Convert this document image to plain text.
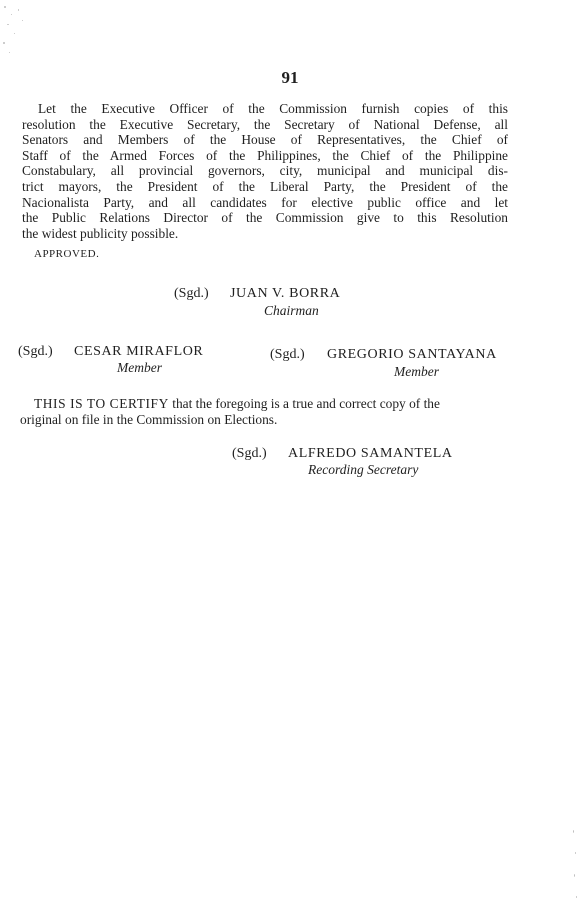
91
Let the Executive Officer of the Commission furnish copies of this
resolution the Executive Secretary, the Secretary of National Defense, all
Senators and Members of the House of Representatives, the Chief of
Staff of the Armed Forces of the Philippines, the Chief of the Philippine
Constabulary, all provincial governors, city, municipal and municipal dis-
trict mayors, the President of the Liberal Party, the President of the
Nacionalista Party, and all candidates for elective public office and let
the Public Relations Director of the Commission give to this Resolution
the widest publicity possible.
APPROVED.
(Sgd.) JUAN V. BORRA
Chairman
(Sgd.) CESAR MIRAFLOR
Member
(Sgd.) GREGORIO SANTAYANA
Member
THIS IS TO CERTIFY that the foregoing is a true and correct copy of the
original on file in the Commission on Elections.
(Sgd.) ALFREDO SAMANTELA
Recording Secretary
